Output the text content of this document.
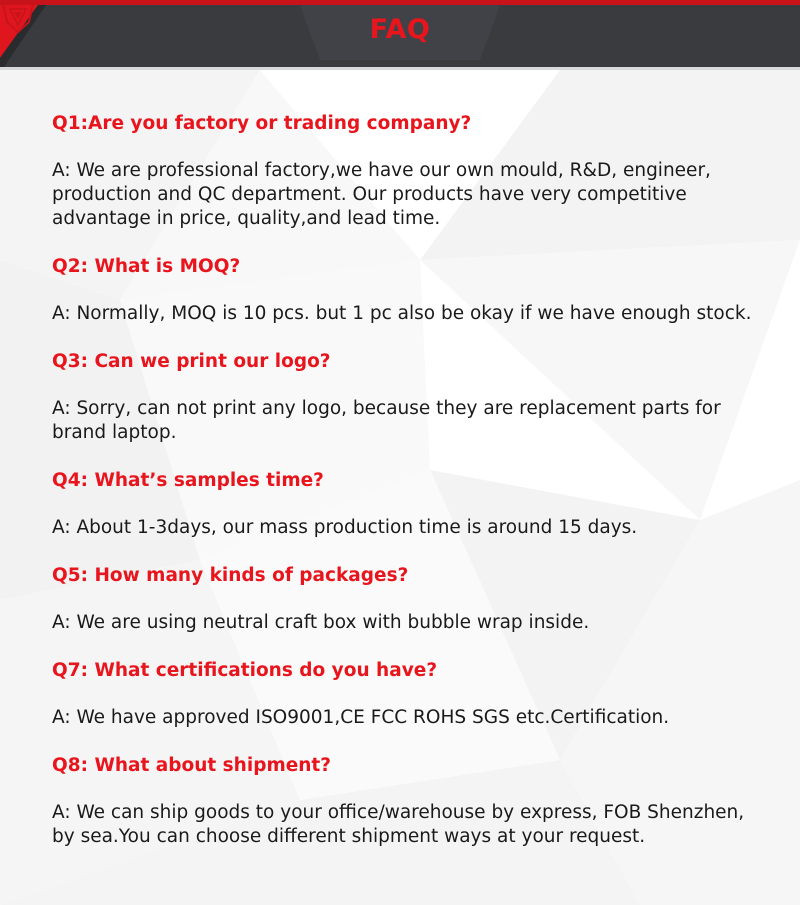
FAQ

Q1:Are you factory or trading company?

A: We are professional factory,we have our own mould, R&D, engineer, production and QC department. Our products have very competitive advantage in price, quality,and lead time.

Q2: What is MOQ?

A: Normally, MOQ is 10 pcs. but 1 pc also be okay if we have enough stock.

Q3: Can we print our logo?

A: Sorry, can not print any logo, because they are replacement parts for brand laptop.

Q4: What’s samples time?

A: About 1-3days, our mass production time is around 15 days.

Q5: How many kinds of packages?

A: We are using neutral craft box with bubble wrap inside.

Q7: What certifications do you have?

A: We have approved ISO9001,CE FCC ROHS SGS etc.Certification.

Q8: What about shipment?

A: We can ship goods to your office/warehouse by express, FOB Shenzhen, by sea.You can choose different shipment ways at your request.
